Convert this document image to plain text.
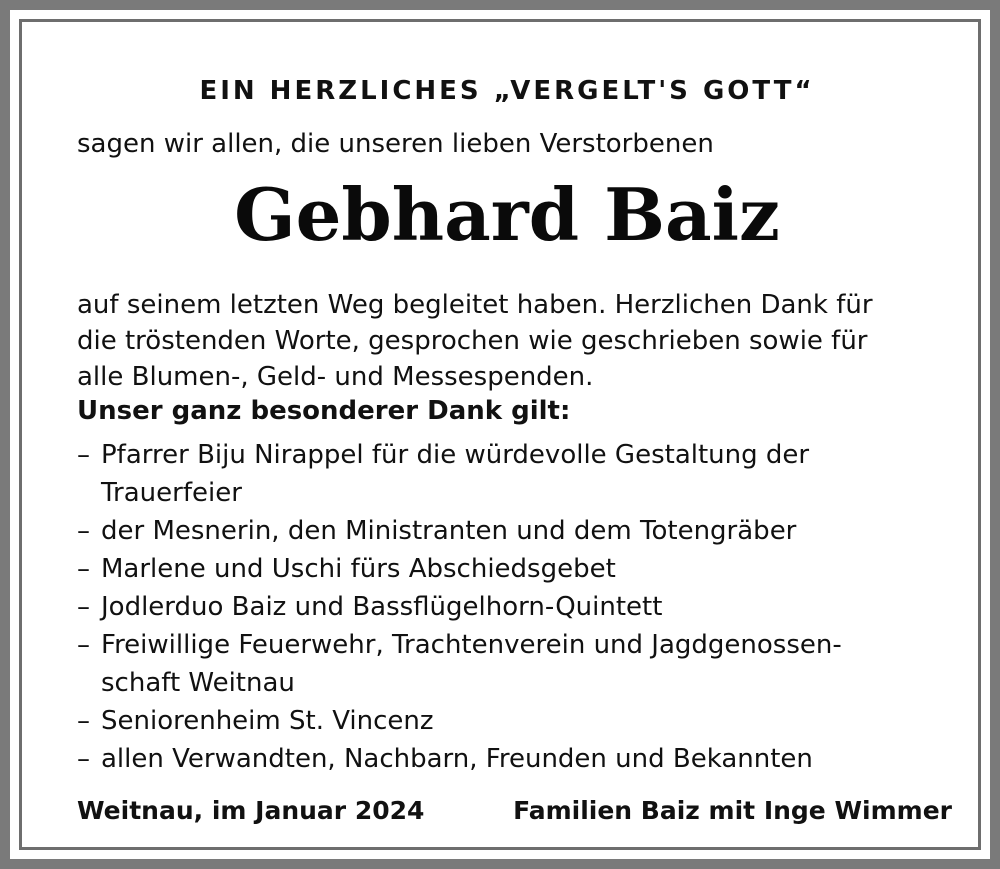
EIN HERZLICHES „VERGELT'S GOTT“
sagen wir allen, die unseren lieben Verstorbenen
Gebhard Baiz
auf seinem letzten Weg begleitet haben. Herzlichen Dank für
die tröstenden Worte, gesprochen wie geschrieben sowie für
alle Blumen-, Geld- und Messespenden.
Unser ganz besonderer Dank gilt:
– Pfarrer Biju Nirappel für die würdevolle Gestaltung der
Trauerfeier
– der Mesnerin, den Ministranten und dem Totengräber
– Marlene und Uschi fürs Abschiedsgebet
– Jodlerduo Baiz und Bassflügelhorn-Quintett
– Freiwillige Feuerwehr, Trachtenverein und Jagdgenossen-
schaft Weitnau
– Seniorenheim St. Vincenz
– allen Verwandten, Nachbarn, Freunden und Bekannten
Weitnau, im Januar 2024	Familien Baiz mit Inge Wimmer
